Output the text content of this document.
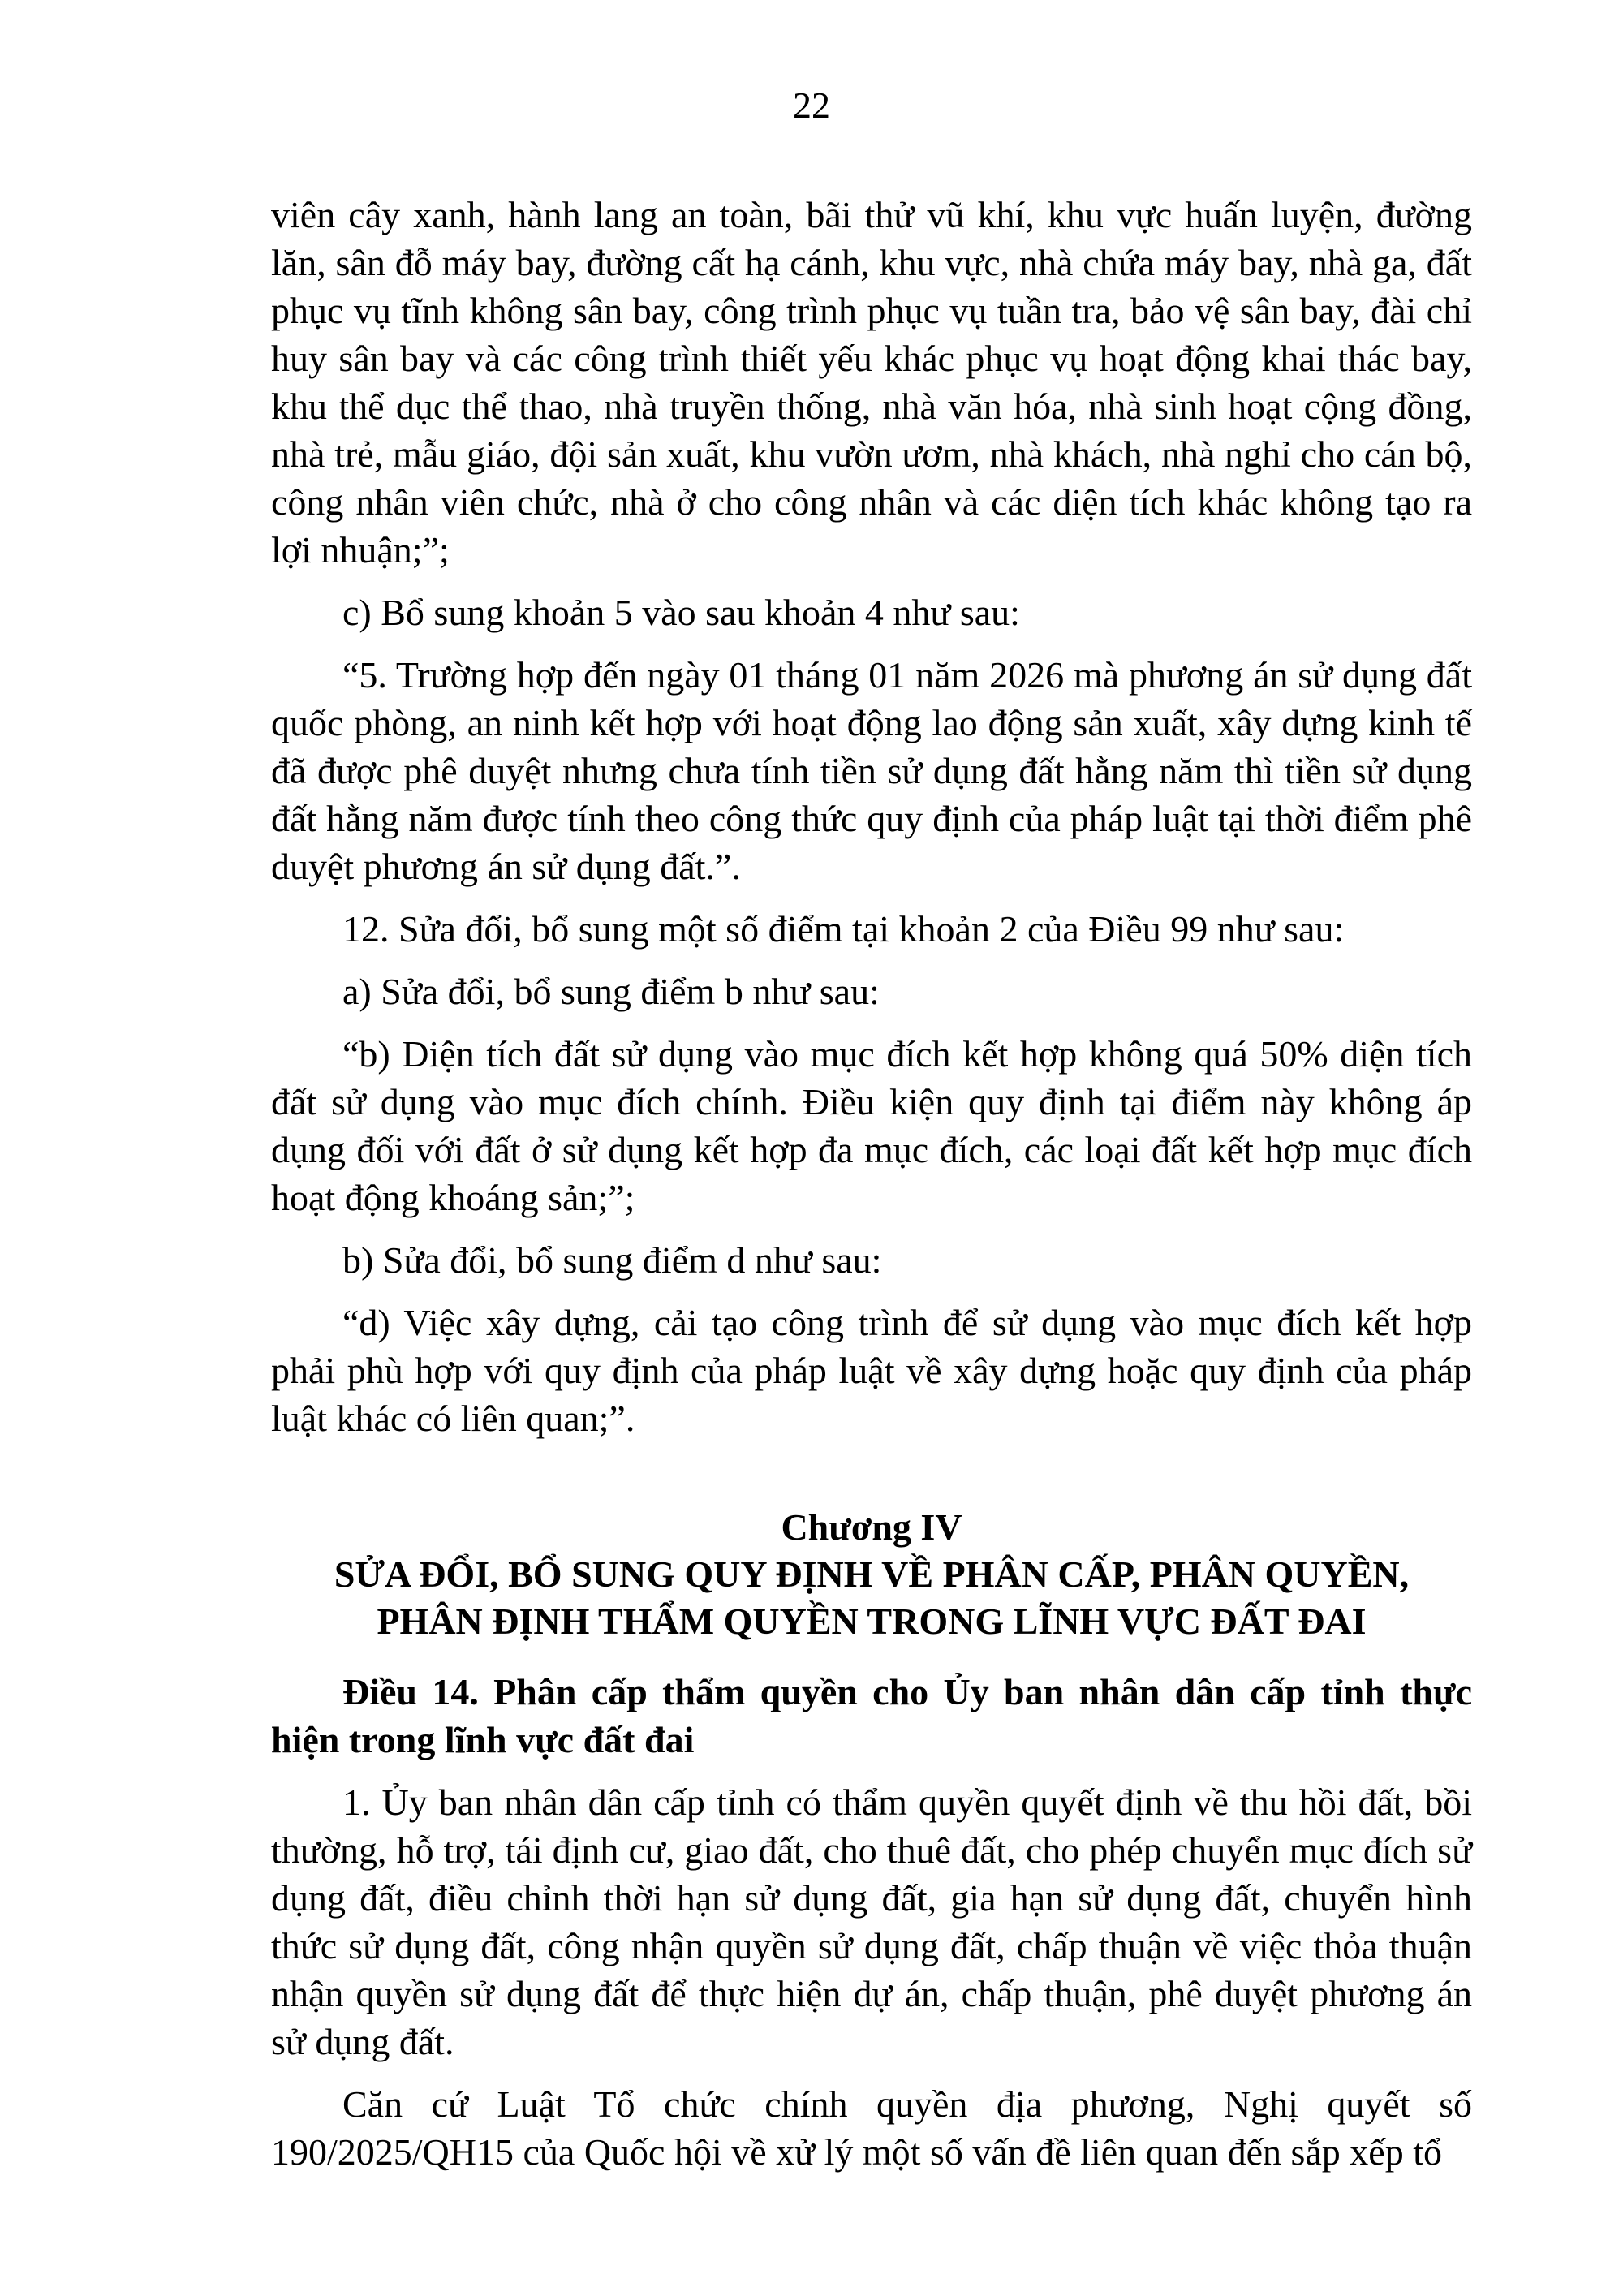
22

viên cây xanh, hành lang an toàn, bãi thử vũ khí, khu vực huấn luyện, đường lăn, sân đỗ máy bay, đường cất hạ cánh, khu vực, nhà chứa máy bay, nhà ga, đất phục vụ tĩnh không sân bay, công trình phục vụ tuần tra, bảo vệ sân bay, đài chỉ huy sân bay và các công trình thiết yếu khác phục vụ hoạt động khai thác bay, khu thể dục thể thao, nhà truyền thống, nhà văn hóa, nhà sinh hoạt cộng đồng, nhà trẻ, mẫu giáo, đội sản xuất, khu vườn ươm, nhà khách, nhà nghỉ cho cán bộ, công nhân viên chức, nhà ở cho công nhân và các diện tích khác không tạo ra lợi nhuận;”;

c) Bổ sung khoản 5 vào sau khoản 4 như sau:

“5. Trường hợp đến ngày 01 tháng 01 năm 2026 mà phương án sử dụng đất quốc phòng, an ninh kết hợp với hoạt động lao động sản xuất, xây dựng kinh tế đã được phê duyệt nhưng chưa tính tiền sử dụng đất hằng năm thì tiền sử dụng đất hằng năm được tính theo công thức quy định của pháp luật tại thời điểm phê duyệt phương án sử dụng đất.”.

12. Sửa đổi, bổ sung một số điểm tại khoản 2 của Điều 99 như sau:

a) Sửa đổi, bổ sung điểm b như sau:

“b) Diện tích đất sử dụng vào mục đích kết hợp không quá 50% diện tích đất sử dụng vào mục đích chính. Điều kiện quy định tại điểm này không áp dụng đối với đất ở sử dụng kết hợp đa mục đích, các loại đất kết hợp mục đích hoạt động khoáng sản;”;

b) Sửa đổi, bổ sung điểm d như sau:

“d) Việc xây dựng, cải tạo công trình để sử dụng vào mục đích kết hợp phải phù hợp với quy định của pháp luật về xây dựng hoặc quy định của pháp luật khác có liên quan;”.

Chương IV
SỬA ĐỔI, BỔ SUNG QUY ĐỊNH VỀ PHÂN CẤP, PHÂN QUYỀN,
PHÂN ĐỊNH THẨM QUYỀN TRONG LĨNH VỰC ĐẤT ĐAI

Điều 14. Phân cấp thẩm quyền cho Ủy ban nhân dân cấp tỉnh thực hiện trong lĩnh vực đất đai

1. Ủy ban nhân dân cấp tỉnh có thẩm quyền quyết định về thu hồi đất, bồi thường, hỗ trợ, tái định cư, giao đất, cho thuê đất, cho phép chuyển mục đích sử dụng đất, điều chỉnh thời hạn sử dụng đất, gia hạn sử dụng đất, chuyển hình thức sử dụng đất, công nhận quyền sử dụng đất, chấp thuận về việc thỏa thuận nhận quyền sử dụng đất để thực hiện dự án, chấp thuận, phê duyệt phương án sử dụng đất.

Căn cứ Luật Tổ chức chính quyền địa phương, Nghị quyết số 190/2025/QH15 của Quốc hội về xử lý một số vấn đề liên quan đến sắp xếp tổ
